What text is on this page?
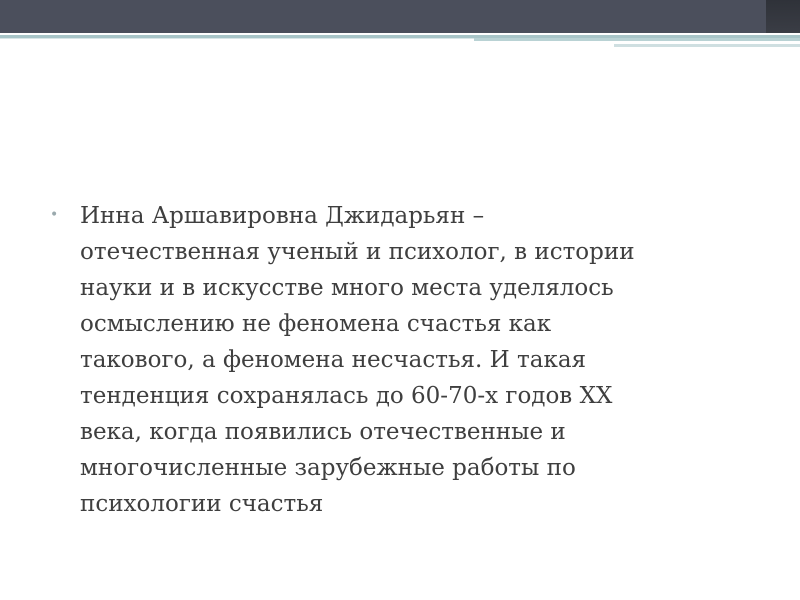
• Инна Аршавировна Джидарьян –
отечественная ученый и психолог, в истории
науки и в искусстве много места уделялось
осмыслению не феномена счастья как
такового, а феномена несчастья. И такая
тенденция сохранялась до 60-70-х годов XX
века, когда появились отечественные и
многочисленные зарубежные работы по
психологии счастья
